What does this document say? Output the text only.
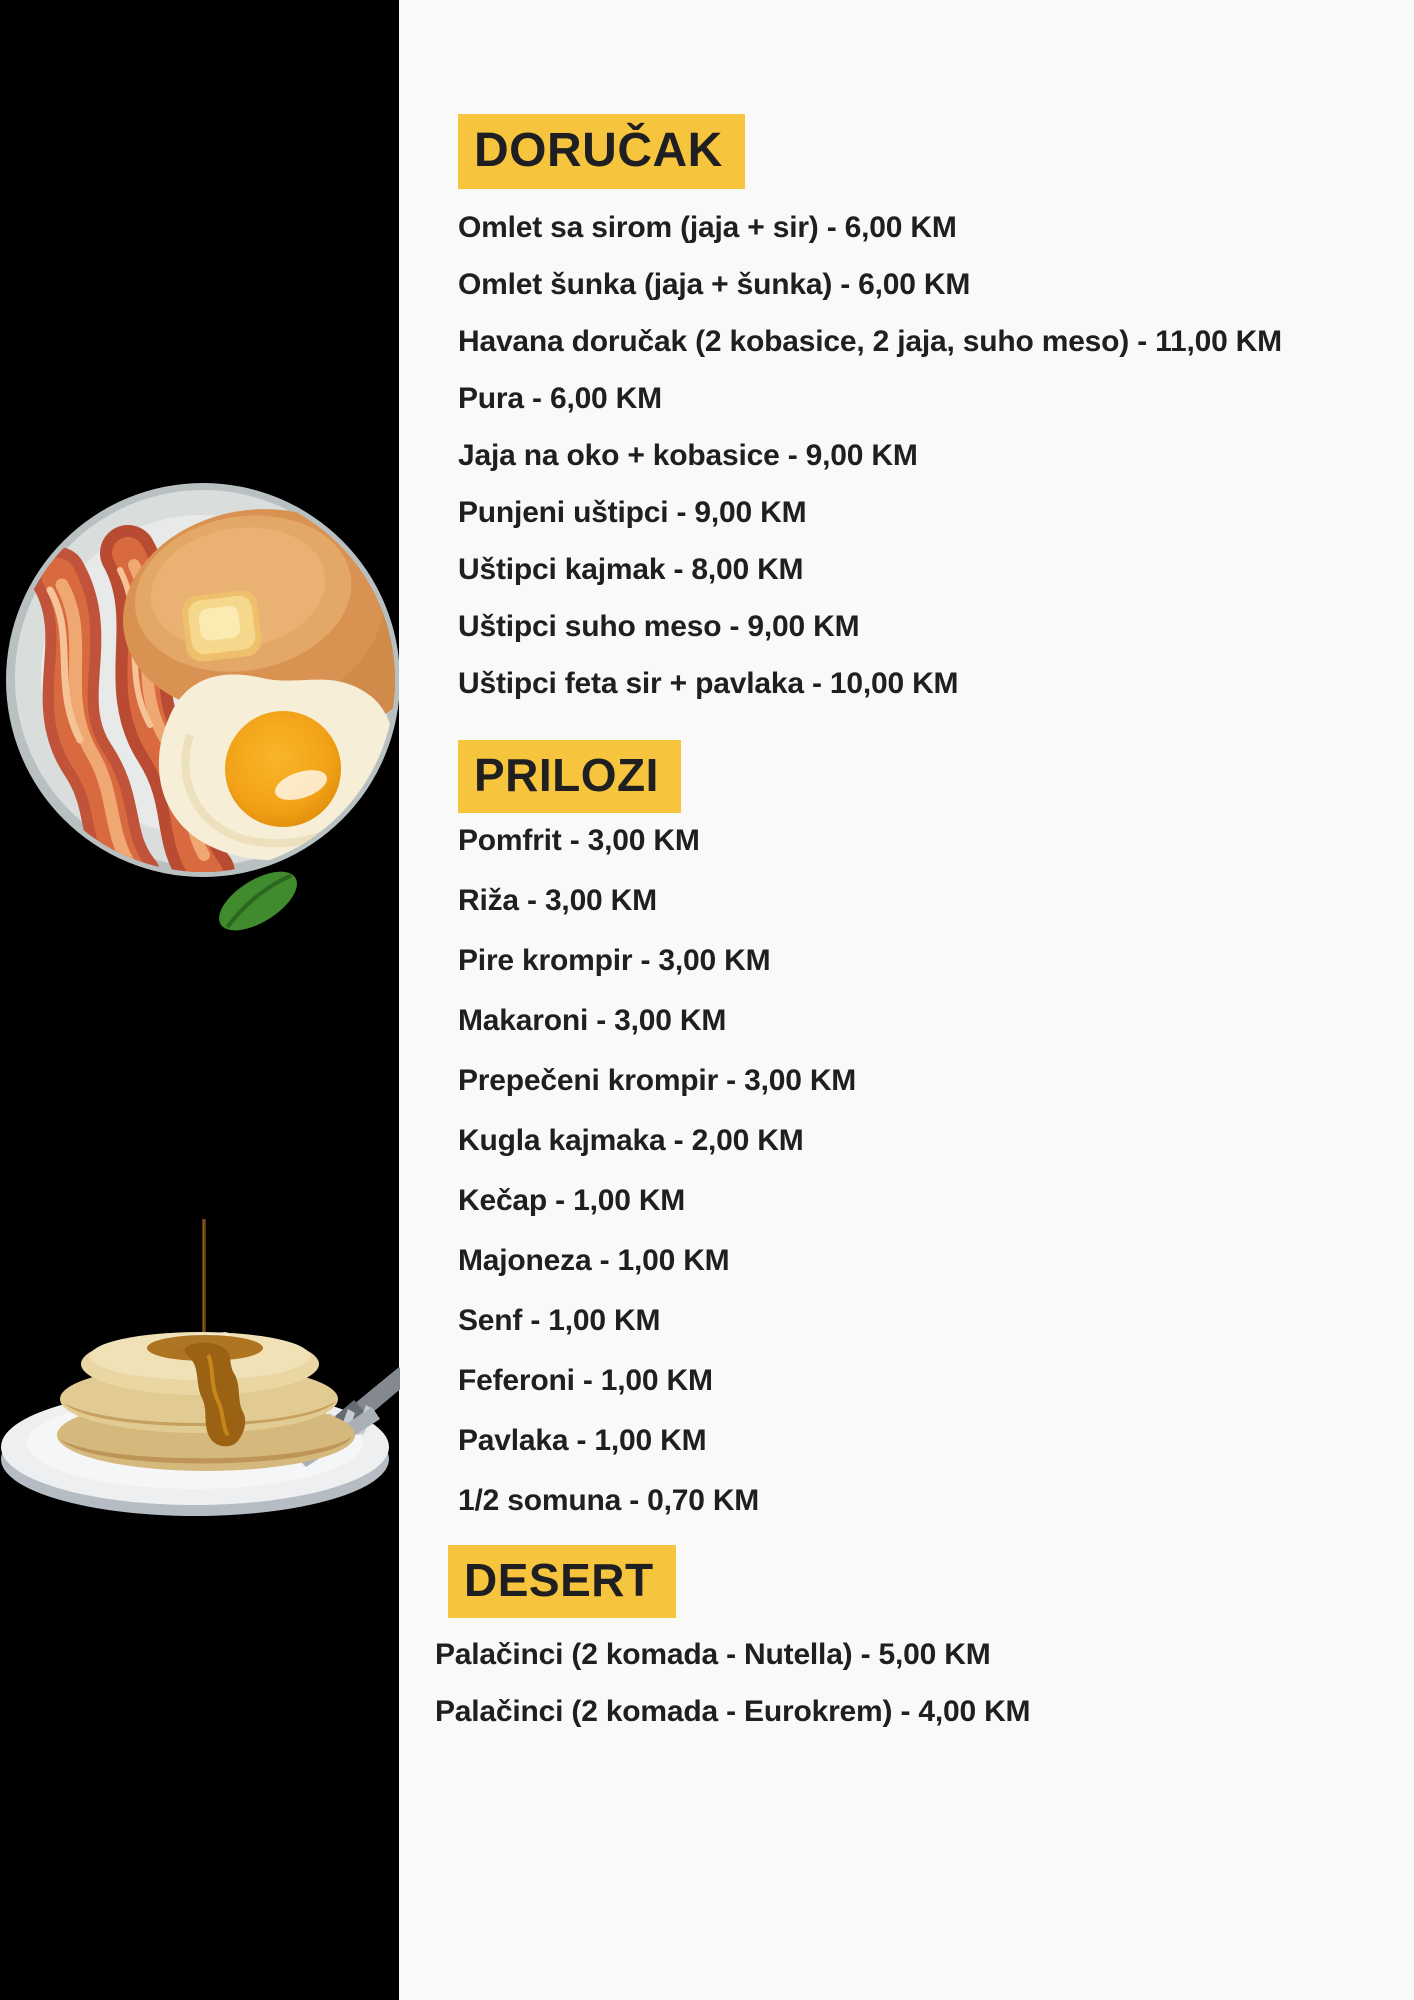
DORUČAK
Omlet sa sirom (jaja + sir) - 6,00 KM
Omlet šunka (jaja + šunka) - 6,00 KM
Havana doručak (2 kobasice, 2 jaja, suho meso) - 11,00 KM
Pura - 6,00 KM
Jaja na oko + kobasice - 9,00 KM
Punjeni uštipci - 9,00 KM
Uštipci kajmak - 8,00 KM
Uštipci suho meso - 9,00 KM
Uštipci feta sir + pavlaka - 10,00 KM
PRILOZI
Pomfrit - 3,00 KM
Riža - 3,00 KM
Pire krompir - 3,00 KM
Makaroni - 3,00 KM
Prepečeni krompir - 3,00 KM
Kugla kajmaka - 2,00 KM
Kečap - 1,00 KM
Majoneza - 1,00 KM
Senf - 1,00 KM
Feferoni - 1,00 KM
Pavlaka - 1,00 KM
1/2 somuna - 0,70 KM
DESERT
Palačinci (2 komada - Nutella) - 5,00 KM
Palačinci (2 komada - Eurokrem) - 4,00 KM
